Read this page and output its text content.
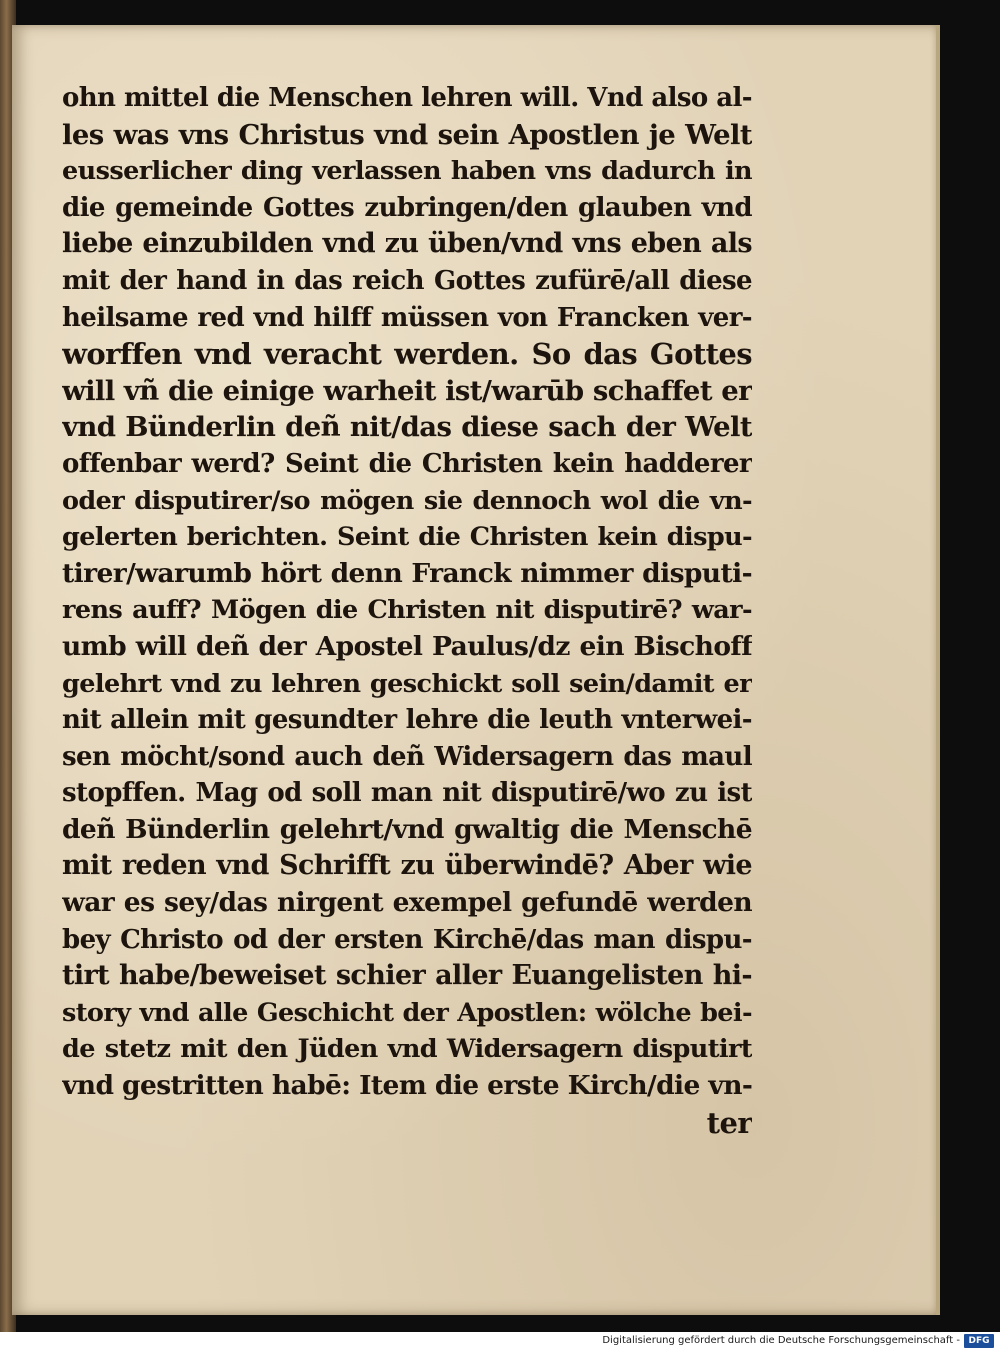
ohn mittel die Menschen lehren will. Vnd also al-
les was vns Christus vnd sein Apostlen je Welt
eusserlicher ding verlassen haben vns dadurch in
die gemeinde Gottes zubringen/den glauben vnd
liebe einzubilden vnd zu üben/vnd vns eben als
mit der hand in das reich Gottes zufürē/all diese
heilsame red vnd hilff müssen von Francken ver-
worffen vnd veracht werden. So das Gottes
will vñ die einige warheit ist/warūb schaffet er
vnd Bünderlin deñ nit/das diese sach der Welt
offenbar werd? Seint die Christen kein hadderer
oder disputirer/so mögen sie dennoch wol die vn-
gelerten berichten. Seint die Christen kein dispu-
tirer/warumb hört denn Franck nimmer disputi-
rens auff? Mögen die Christen nit disputirē? war-
umb will deñ der Apostel Paulus/dz ein Bischoff
gelehrt vnd zu lehren geschickt soll sein/damit er
nit allein mit gesundter lehre die leuth vnterwei-
sen möcht/sond auch deñ Widersagern das maul
stopffen. Mag od soll man nit disputirē/wo zu ist
deñ Bünderlin gelehrt/vnd gwaltig die Menschē
mit reden vnd Schrifft zu überwindē? Aber wie
war es sey/das nirgent exempel gefundē werden
bey Christo od der ersten Kirchē/das man dispu-
tirt habe/beweiset schier aller Euangelisten hi-
story vnd alle Geschicht der Apostlen: wölche bei-
de stetz mit den Jüden vnd Widersagern disputirt
vnd gestritten habē: Item die erste Kirch/die vn-
ter
Digitalisierung gefördert durch die Deutsche Forschungsgemeinschaft - DFG
